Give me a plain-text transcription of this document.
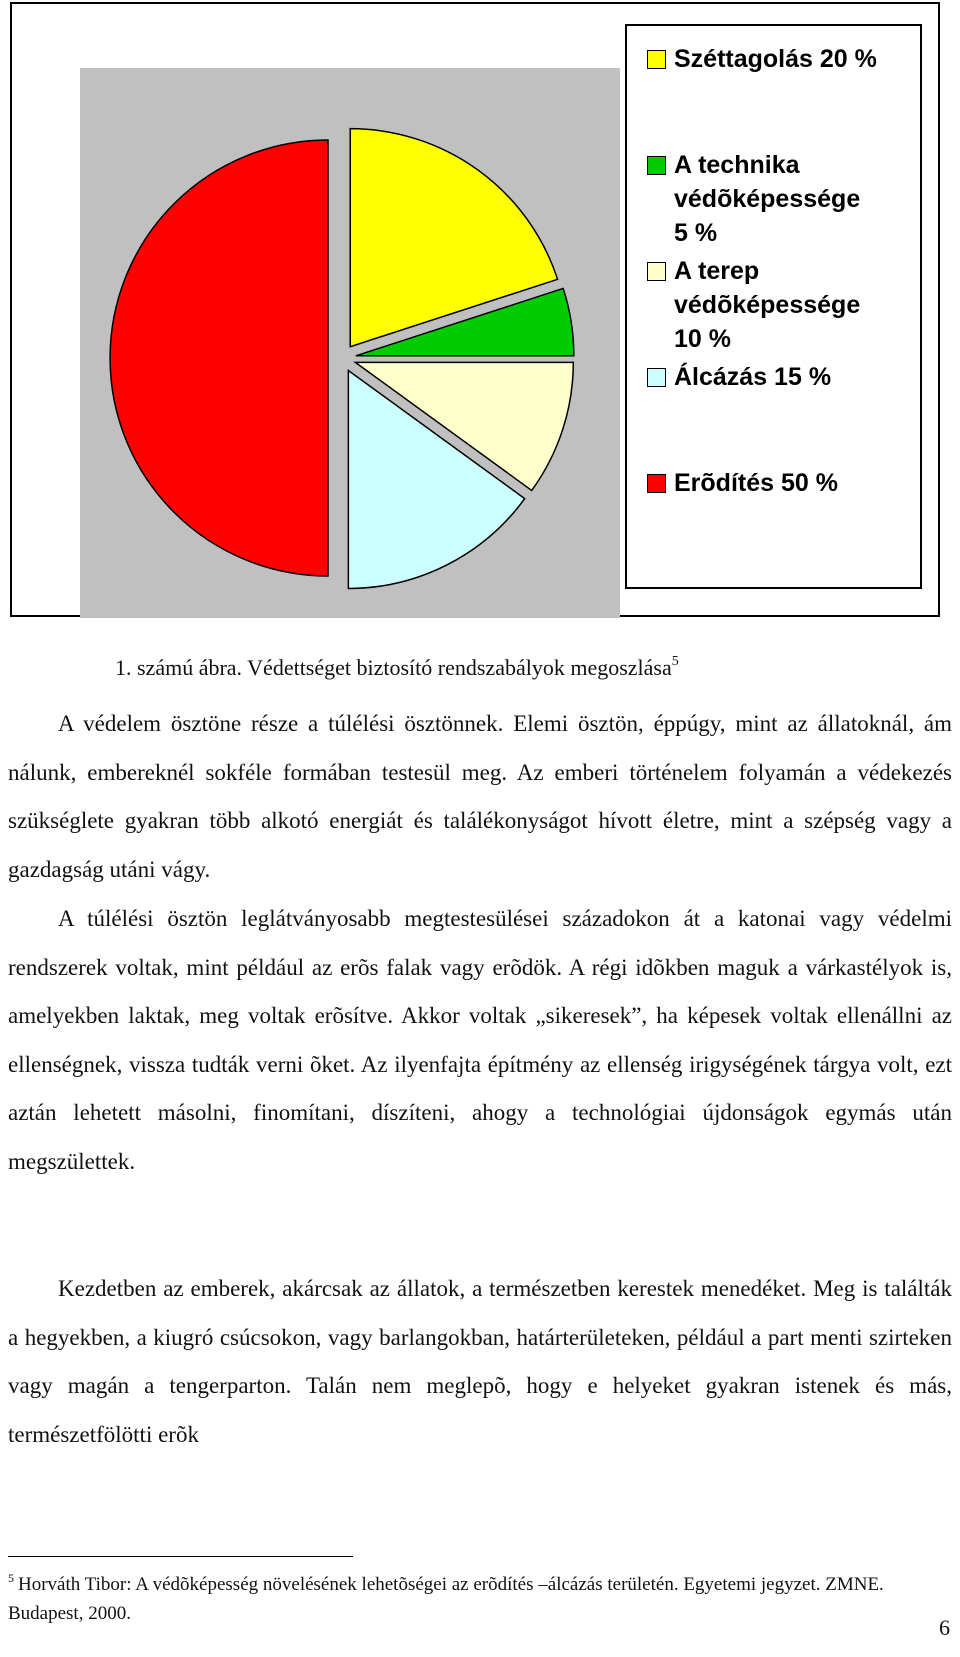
Széttagolás 20 %
A technika
védõképessége
5 %
A terep
védõképessége
10 %
Álcázás 15 %
Erõdítés 50 %
1. számú ábra. Védettséget biztosító rendszabályok megoszlása$^5$

A védelem ösztöne része a túlélési ösztönnek. Elemi ösztön, éppúgy, mint az állatoknál, ám nálunk, embereknél sokféle formában testesül meg. Az emberi történelem folyamán a védekezés szükséglete gyakran több alkotó energiát és találékonyságot hívott életre, mint a szépség vagy a gazdagság utáni vágy.

A túlélési ösztön leglátványosabb megtestesülései századokon át a katonai vagy védelmi rendszerek voltak, mint például az erõs falak vagy erõdök. A régi idõkben maguk a várkastélyok is, amelyekben laktak, meg voltak erõsítve. Akkor voltak „sikeresek”, ha képesek voltak ellenállni az ellenségnek, vissza tudták verni õket. Az ilyenfajta építmény az ellenség irigységének tárgya volt, ezt aztán lehetett másolni, finomítani, díszíteni, ahogy a technológiai újdonságok egymás után megszülettek.

Kezdetben az emberek, akárcsak az állatok, a természetben kerestek menedéket. Meg is találták a hegyekben, a kiugró csúcsokon, vagy barlangokban, határterületeken, például a part menti szirteken vagy magán a tengerparton. Talán nem meglepõ, hogy e helyeket gyakran istenek és más, természetfölötti erõk

$^5$ Horváth Tibor: A védõképesség növelésének lehetõségei az erõdítés –álcázás területén. Egyetemi jegyzet. ZMNE. Budapest, 2000.

6
